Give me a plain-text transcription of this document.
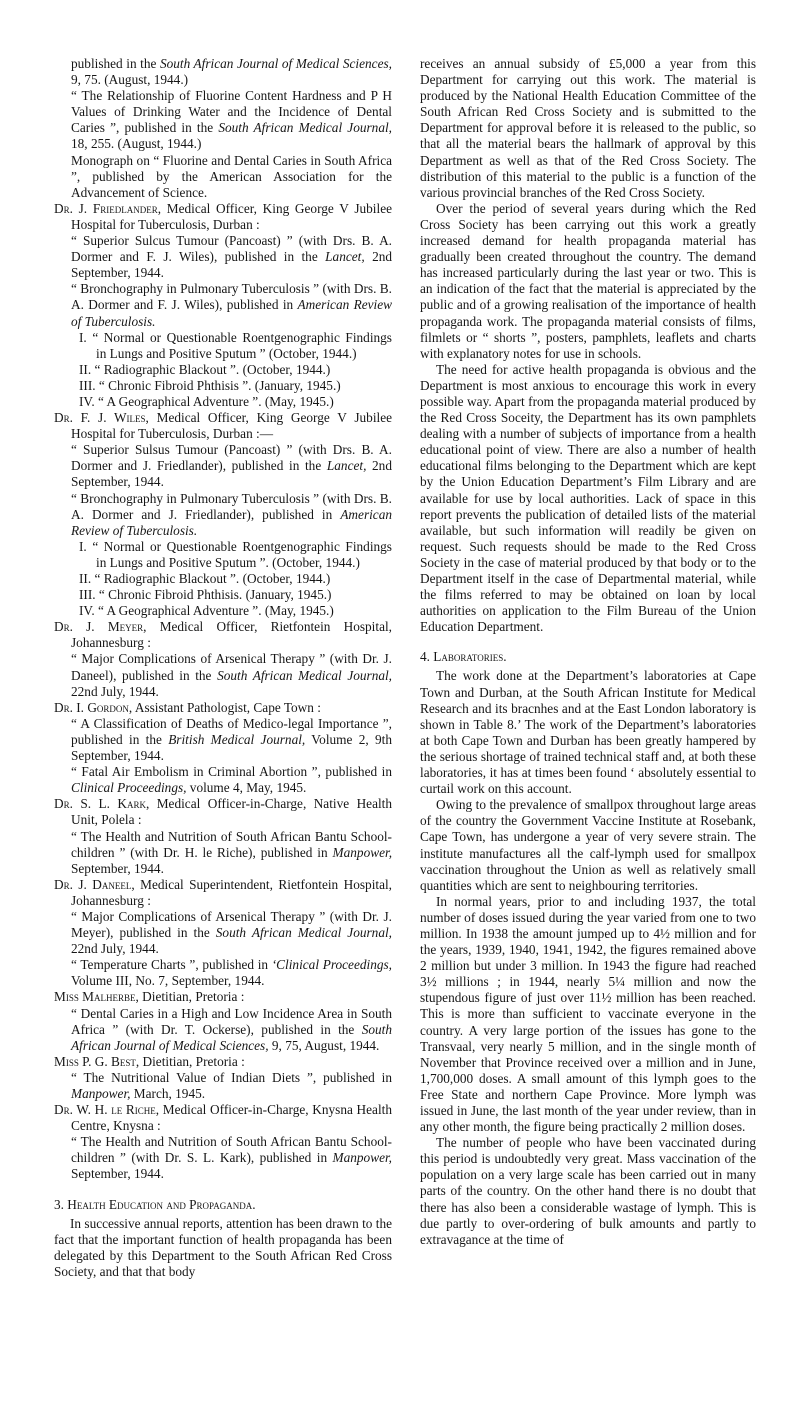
published in the South African Journal of Medical Sciences, 9, 75. (August, 1944.)

“ The Relationship of Fluorine Content Hardness and P H Values of Drinking Water and the Incidence of Dental Caries ”, published in the South African Medical Journal, 18, 255. (August, 1944.)

Monograph on “ Fluorine and Dental Caries in South Africa ”, published by the American Association for the Advancement of Science.

Dr. J. Friedlander, Medical Officer, King George V Jubilee Hospital for Tuberculosis, Durban :

“ Superior Sulcus Tumour (Pancoast) ” (with Drs. B. A. Dormer and F. J. Wiles), published in the Lancet, 2nd September, 1944.

“ Bronchography in Pulmonary Tuberculosis ” (with Drs. B. A. Dormer and F. J. Wiles), published in American Review of Tuberculosis.

I. “ Normal or Questionable Roentgenographic Findings in Lungs and Positive Sputum ” (October, 1944.)

II. “ Radiographic Blackout ”. (October, 1944.)

III. “ Chronic Fibroid Phthisis ”. (January, 1945.)

IV. “ A Geographical Adventure ”. (May, 1945.)

Dr. F. J. Wiles, Medical Officer, King George V Jubilee Hospital for Tuberculosis, Durban :—

“ Superior Sulsus Tumour (Pancoast) ” (with Drs. B. A. Dormer and J. Friedlander), published in the Lancet, 2nd September, 1944.

“ Bronchography in Pulmonary Tuberculosis ” (with Drs. B. A. Dormer and J. Friedlander), published in American Review of Tuberculosis.

I. “ Normal or Questionable Roentgenographic Findings in Lungs and Positive Sputum ”. (October, 1944.)

II. “ Radiographic Blackout ”. (October, 1944.)

III. “ Chronic Fibroid Phthisis. (January, 1945.)

IV. “ A Geographical Adventure ”. (May, 1945.)

Dr. J. Meyer, Medical Officer, Rietfontein Hospital, Johannesburg :

“ Major Complications of Arsenical Therapy ” (with Dr. J. Daneel), published in the South African Medical Journal, 22nd July, 1944.

Dr. I. Gordon, Assistant Pathologist, Cape Town :

“ A Classification of Deaths of Medico-legal Importance ”, published in the British Medical Journal, Volume 2, 9th September, 1944.

“ Fatal Air Embolism in Criminal Abortion ”, published in Clinical Proceedings, volume 4, May, 1945.

Dr. S. L. Kark, Medical Officer-in-Charge, Native Health Unit, Polela :

“ The Health and Nutrition of South African Bantu School-children ” (with Dr. H. le Riche), published in Manpower, September, 1944.

Dr. J. Daneel, Medical Superintendent, Rietfontein Hospital, Johannesburg :

“ Major Complications of Arsenical Therapy ” (with Dr. J. Meyer), published in the South African Medical Journal, 22nd July, 1944.

“ Temperature Charts ”, published in ‘Clinical Proceedings, Volume III, No. 7, September, 1944.

Miss Malherbe, Dietitian, Pretoria :

“ Dental Caries in a High and Low Incidence Area in South Africa ” (with Dr. T. Ockerse), published in the South African Journal of Medical Sciences, 9, 75, August, 1944.

Miss P. G. Best, Dietitian, Pretoria :

“ The Nutritional Value of Indian Diets ”, published in Manpower, March, 1945.

Dr. W. H. le Riche, Medical Officer-in-Charge, Knysna Health Centre, Knysna :

“ The Health and Nutrition of South African Bantu School-children ” (with Dr. S. L. Kark), published in Manpower, September, 1944.

3. Health Education and Propaganda.

In successive annual reports, attention has been drawn to the fact that the important function of health propaganda has been delegated by this Department to the South African Red Cross Society, and that that body

receives an annual subsidy of £5,000 a year from this Department for carrying out this work. The material is produced by the National Health Education Committee of the South African Red Cross Society and is submitted to the Department for approval before it is released to the public, so that all the material bears the hallmark of approval by this Department as well as that of the Red Cross Society. The distribution of this material to the public is a function of the various provincial branches of the Red Cross Society.

Over the period of several years during which the Red Cross Society has been carrying out this work a greatly increased demand for health propaganda material has gradually been created throughout the country. The demand has increased particularly during the last year or two. This is an indication of the fact that the material is appreciated by the public and of a growing realisation of the importance of health propaganda work. The propaganda material consists of films, filmlets or “ shorts ”, posters, pamphlets, leaflets and charts with explanatory notes for use in schools.

The need for active health propaganda is obvious and the Department is most anxious to encourage this work in every possible way. Apart from the propaganda material produced by the Red Cross Soceity, the Department has its own pamphlets dealing with a number of subjects of importance from a health educational point of view. There are also a number of health educational films belonging to the Department which are kept by the Union Education Department’s Film Library and are available for use by local authorities. Lack of space in this report prevents the publication of detailed lists of the material available, but such information will readily be given on request. Such requests should be made to the Red Cross Society in the case of material produced by that body or to the Department itself in the case of Departmental material, while the films referred to may be obtained on loan by local authorities on application to the Film Bureau of the Union Education Department.

4. Laboratories.

The work done at the Department’s laboratories at Cape Town and Durban, at the South African Institute for Medical Research and its bracnhes and at the East London laboratory is shown in Table 8.’ The work of the Department’s laboratories at both Cape Town and Durban has been greatly hampered by the serious shortage of trained technical staff and, at both these laboratories, it has at times been found ‘ absolutely essential to curtail work on this account.

Owing to the prevalence of smallpox throughout large areas of the country the Government Vaccine Institute at Rosebank, Cape Town, has undergone a year of very severe strain. The institute manufactures all the calf-lymph used for smallpox vaccination throughout the Union as well as relatively small quantities which are sent to neighbouring territories.

In normal years, prior to and including 1937, the total number of doses issued during the year varied from one to two million. In 1938 the amount jumped up to 4½ million and for the years, 1939, 1940, 1941, 1942, the figures remained above 2 million but under 3 million. In 1943 the figure had reached 3½ millions ; in 1944, nearly 5¼ million and now the stupendous figure of just over 11½ million has been reached. This is more than sufficient to vaccinate everyone in the country. A very large portion of the issues has gone to the Transvaal, very nearly 5 million, and in the single month of November that Province received over a million and in June, 1,700,000 doses. A small amount of this lymph goes to the Free State and northern Cape Province. More lymph was issued in June, the last month of the year under review, than in any other month, the figure being practically 2 million doses.

The number of people who have been vaccinated during this period is undoubtedly very great. Mass vaccination of the population on a very large scale has been carried out in many parts of the country. On the other hand there is no doubt that there has also been a considerable wastage of lymph. This is due partly to over-ordering of bulk amounts and partly to extravagance at the time of
